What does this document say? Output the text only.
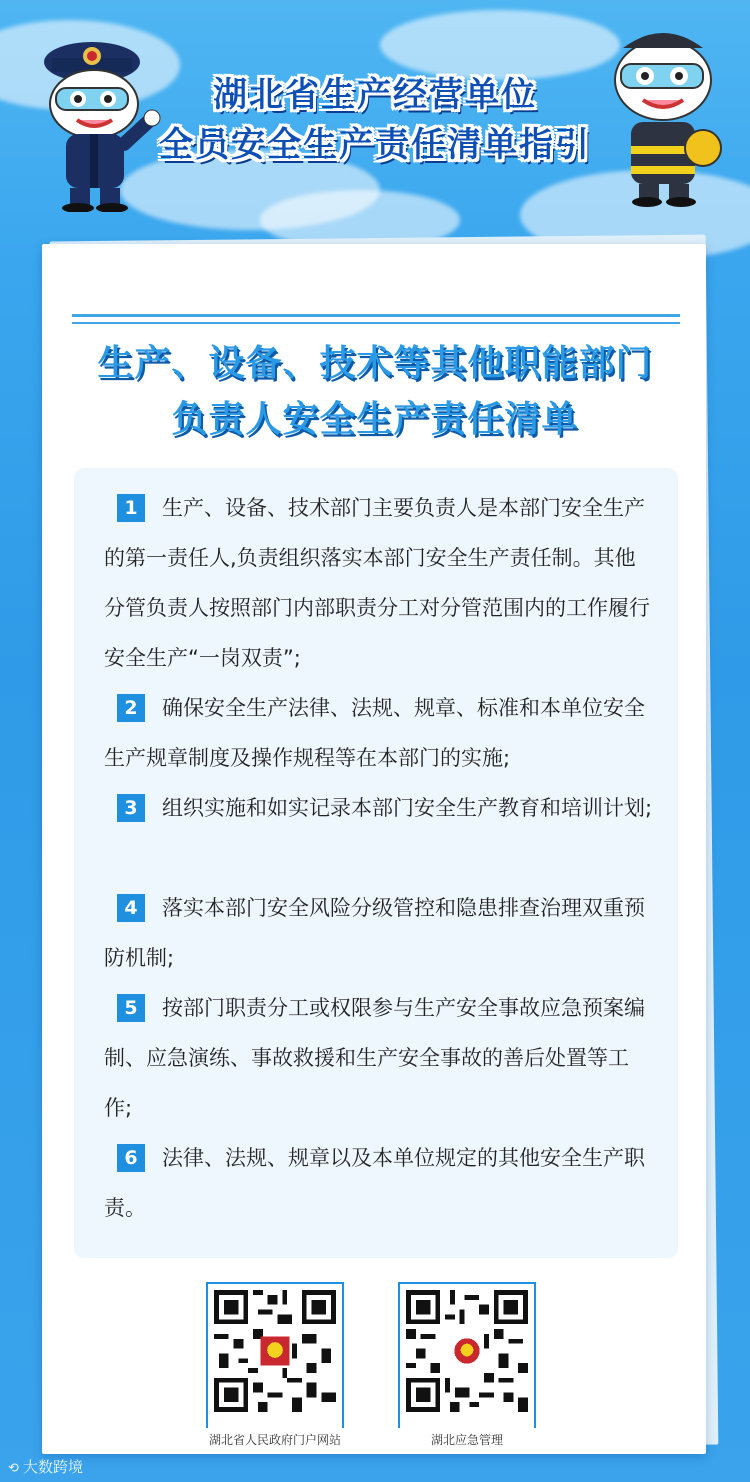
湖北省生产经营单位
全员安全生产责任清单指引
生产、设备、技术等其他职能部门
负责人安全生产责任清单
1	生产、设备、技术部门主要负责人是本部门安全生产的第一责任人,负责组织落实本部门安全生产责任制。其他分管负责人按照部门内部职责分工对分管范围内的工作履行安全生产“一岗双责”;
2	确保安全生产法律、法规、规章、标准和本单位安全生产规章制度及操作规程等在本部门的实施;
3	组织实施和如实记录本部门安全生产教育和培训计划;
4	落实本部门安全风险分级管控和隐患排查治理双重预防机制;
5	按部门职责分工或权限参与生产安全事故应急预案编制、应急演练、事故救援和生产安全事故的善后处置等工作;
6	法律、法规、规章以及本单位规定的其他安全生产职责。
湖北省人民政府门户网站	湖北应急管理
⟲ 大数跨境
